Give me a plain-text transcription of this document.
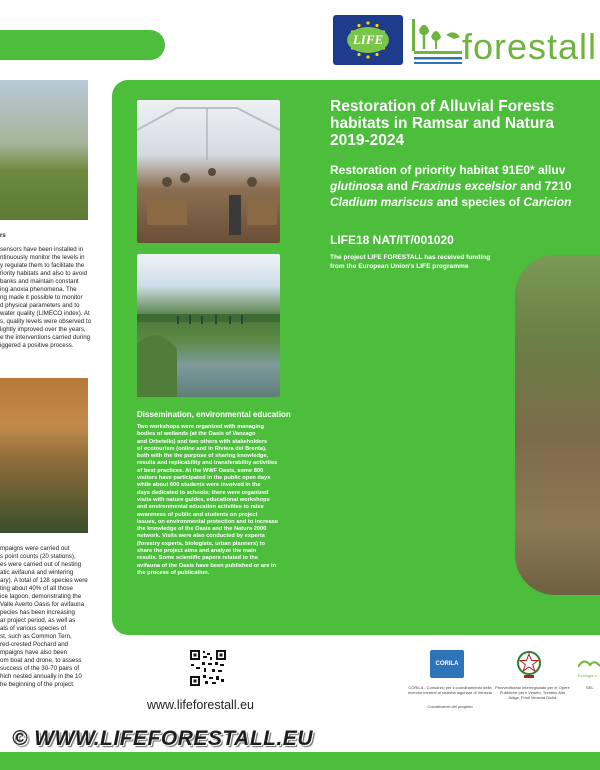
LIFE forestall
rs
sensors have been installed in
ntinuously monitor the levels in
y regulate them to facilitate the
riority habitats and also to avoid
banks and maintain constant
ing anoxia phenomena. The
ng made it possible to monitor
d physical parameters and to
water quality (LIMECO index). At
s, quality levels were observed to
lightly improved over the years,
e the interventions carried during
iggered a positive process.
mpaigns were carried out
s point counts (20 stations),
es were carried out of nesting
atic avifauna and wintering
ary). A total of 128 species were
ting about 40% of all those
ice lagoon, demonstrating the
Valle Averto Oasis for avifauna
pecies has been increasing
ar project period, as well as
als of various species of
st, such as Common Tern,
red-crested Pochard and
mpaigns have also been
om boat and drone, to assess
success of the 30-70 pairs of
hich nested annually in the 10
he beginning of the project.
Restoration of Alluvial Forests
habitats in Ramsar and Natura
2019-2024
Restoration of priority habitat 91E0* alluv
glutinosa and Fraxinus excelsior and 7210
Cladium mariscus and species of Caricion
LIFE18 NAT/IT/001020
The project LIFE FORESTALL has received funding from the European Union's LIFE programme
Dissemination, environmental education
Two workshops were organized with managing
bodies of wetlands (at the Oasis of Vanzago
and Orbetello) and two others with stakeholders
of ecotourism (online and in Riviera del Brenta),
both with the the purpose of sharing knowledge,
results and replicability and transferability activities
of best practices. At the WWF Oasis, some 800
visitors have participated in the public open days
while about 600 students were involved in the
days dedicated to schools; there were organized
visits with nature guides, educational workshops
and environmental education activities to raise
awareness of public and students on project
issues, on environmental protection and to increase
the knowledge of the Oasis and the Natura 2000
network. Visits were also conducted by experts
(forestry experts, biologists, urban planners) to
share the project aims and analyze the main
results. Some scientific papers related to the
avifauna of the Oasis have been published or are in
the process of publication.
www.lifeforestall.eu
CORILA
CORILA - Consorzio per il coordinamento delle ricerche inerenti al sistema lagunare di Venezia
Coordinatore del progetto
Provveditorato Interregionale per le Opere Pubbliche per il Veneto, Trentino Alto Adige, Friuli Venezia Giulia
Ecologia a
SEL
© WWW.LIFEFORESTALL.EU
